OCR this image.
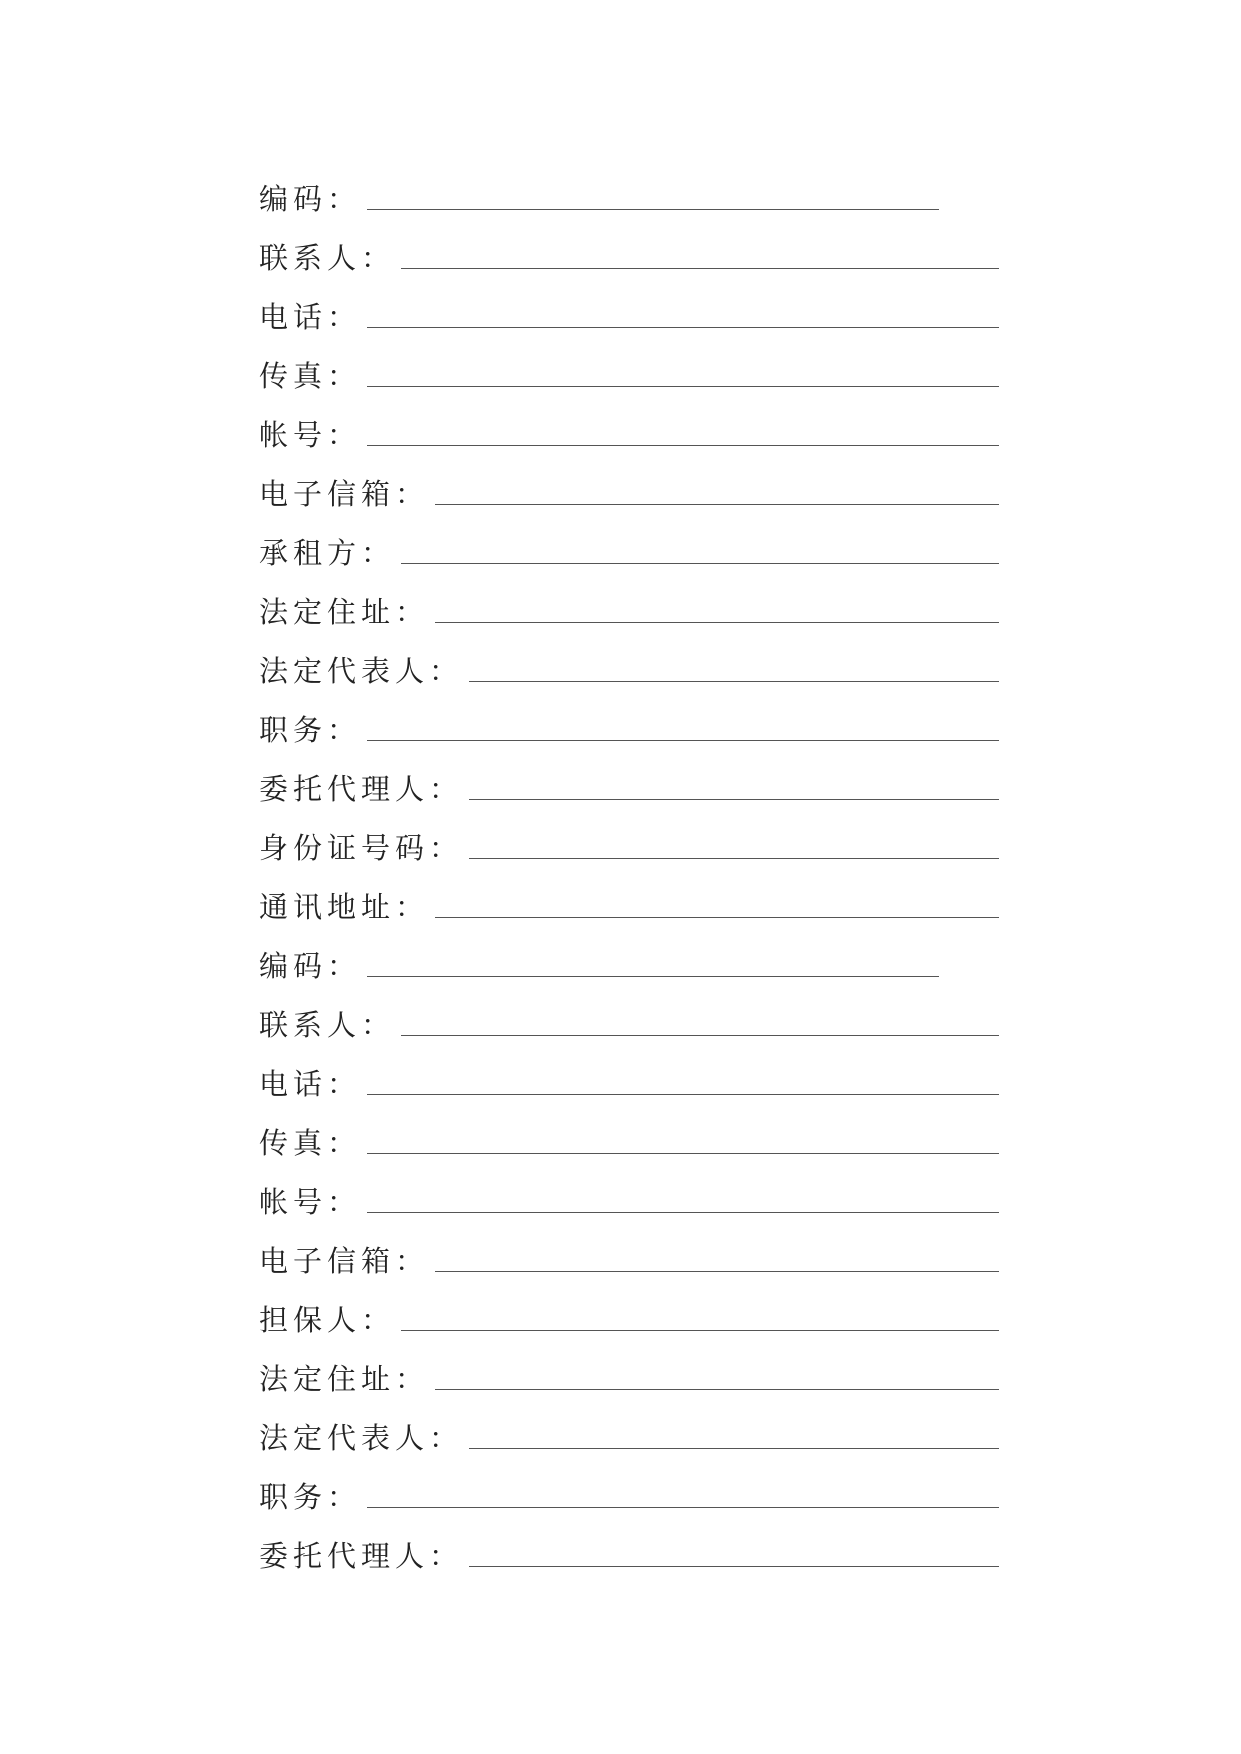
编码：
联系人：
电话：
传真：
帐号：
电子信箱：
承租方：
法定住址：
法定代表人：
职务：
委托代理人：
身份证号码：
通讯地址：
编码：
联系人：
电话：
传真：
帐号：
电子信箱：
担保人：
法定住址：
法定代表人：
职务：
委托代理人：
